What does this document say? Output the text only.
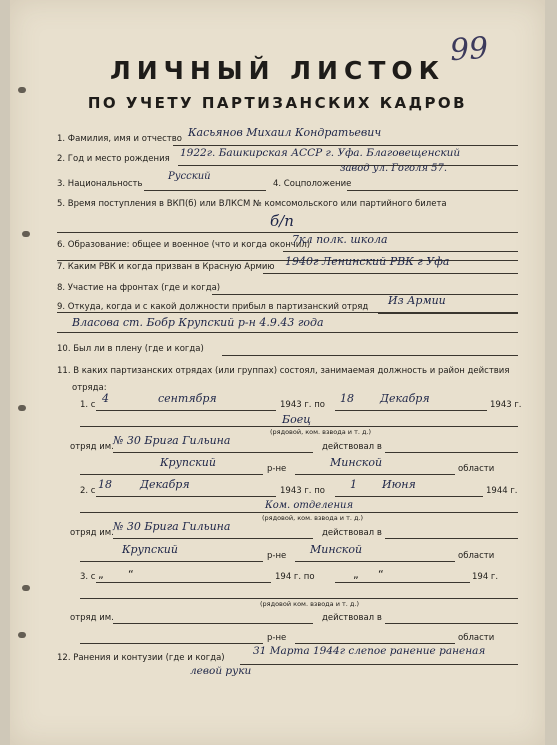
99
ЛИЧНЫЙ ЛИСТОК
ПО УЧЕТУ ПАРТИЗАНСКИХ КАДРОВ
1. Фамилия, имя и отчество Касьянов Михаил Кондратьевич
2. Год и место рождения 1922г. Башкирская АССР г. Уфа. Благовещенский
завод ул. Гоголя 57.
3. Национальность
Русский
4. Соцположение
5. Время поступления в ВКП(б) или ВЛКСМ № комсомольского или партийного билета
б/п
6. Образование: общее и военное (что и когда окончил)
7кл полк. школа
7. Каким РВК и когда призван в Красную Армию 1940г Ленинский РВК г Уфа
8. Участие на фронтах (где и когда)
9. Откуда, когда и с какой должности прибыл в партизанский отряд Из Армии
Власова ст. Бобр Крупский р-н 4.9.43 года
10. Был ли в плену (где и когда)
11. В каких партизанских отрядах (или группах) состоял, занимаемая должность и район действия
отряда:
1. с 4	сентября	1943 г. по 18 Декабря	1943 г.
Боец
(рядовой, ком. взвода и т. д.)
отряд им. № 30 Брига Гильина	действовал в
Крупский	р-не	Минской	области
2. с 18	Декабря	1943 г. по 1 Июня	1944 г.
Ком. отделения
(рядовой, ком. взвода и т. д.)
отряд им. № 30 Брига Гильина	действовал в
Крупский	р-не Минской	области
3. с „ “	194 г. по	„ “	194 г.
(рядовой ком. взвода и т. д.)
отряд им.	действовал в
р-не	области
12. Ранения и контузии (где и когда)
31 Марта 1944г слепое ранение раненая
левой руки
